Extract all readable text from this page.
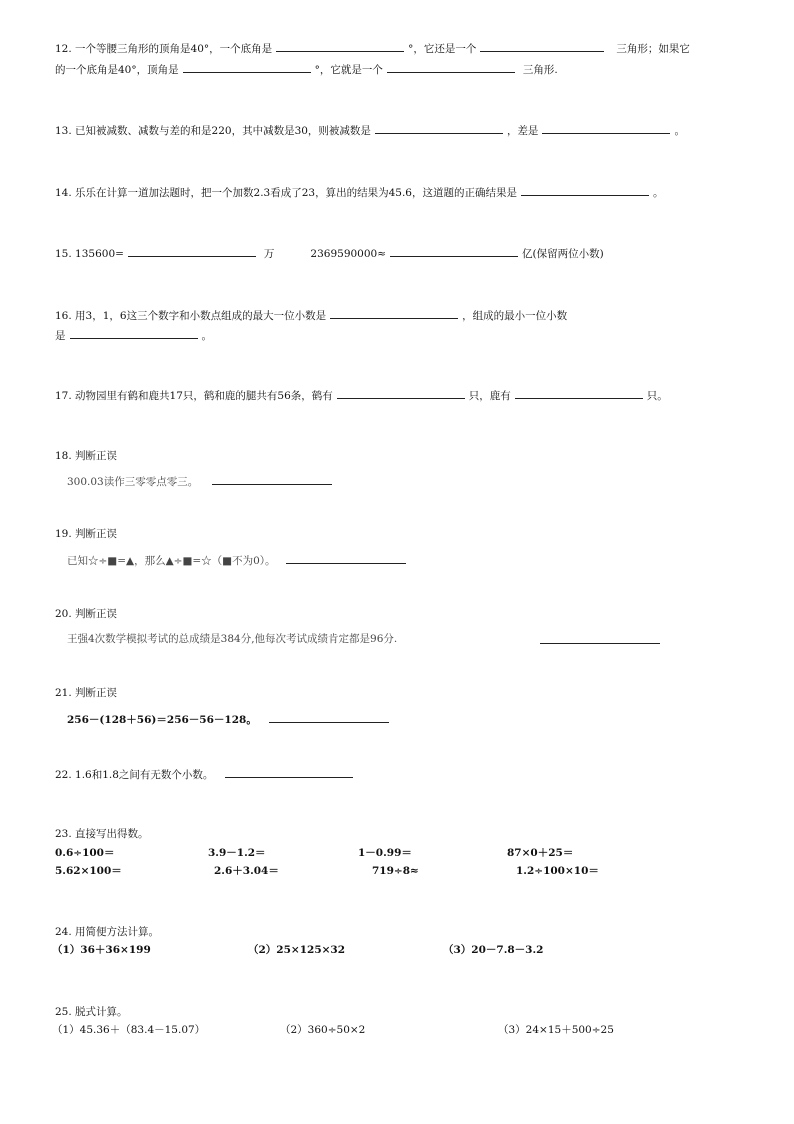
12. 一个等腰三角形的顶角是40°，一个底角是	°，它还是一个	三角形；如果它
的一个底角是40°，顶角是	°，它就是一个	三角形.
13. 已知被减数、减数与差的和是220，其中减数是30，则被减数是	，差是	。
14. 乐乐在计算一道加法题时，把一个加数2.3看成了23，算出的结果为45.6，这道题的正确结果是	。
15. 135600=	万	2369590000≈	亿(保留两位小数)
16. 用3，1，6这三个数字和小数点组成的最大一位小数是	，组成的最小一位小数
是	。
17. 动物园里有鹤和鹿共17只，鹤和鹿的腿共有56条，鹤有	只，鹿有	只。
18. 判断正误
300.03读作三零零点零三。
19. 判断正误
已知☆÷■=▲，那么▲÷■=☆（■不为0）。
20. 判断正误
王强4次数学模拟考试的总成绩是384分,他每次考试成绩肯定都是96分.
21. 判断正误
256－(128＋56)＝256－56－128。
22. 1.6和1.8之间有无数个小数。
23. 直接写出得数。
0.6÷100＝	3.9－1.2＝	1－0.99＝	87×0＋25＝
5.62×100＝	2.6＋3.04＝	719÷8≈	1.2÷100×10＝
24. 用简便方法计算。
（1）36＋36×199	（2）25×125×32	（3）20－7.8－3.2
25. 脱式计算。
（1）45.36＋（83.4－15.07）	（2）360÷50×2	（3）24×15＋500÷25
